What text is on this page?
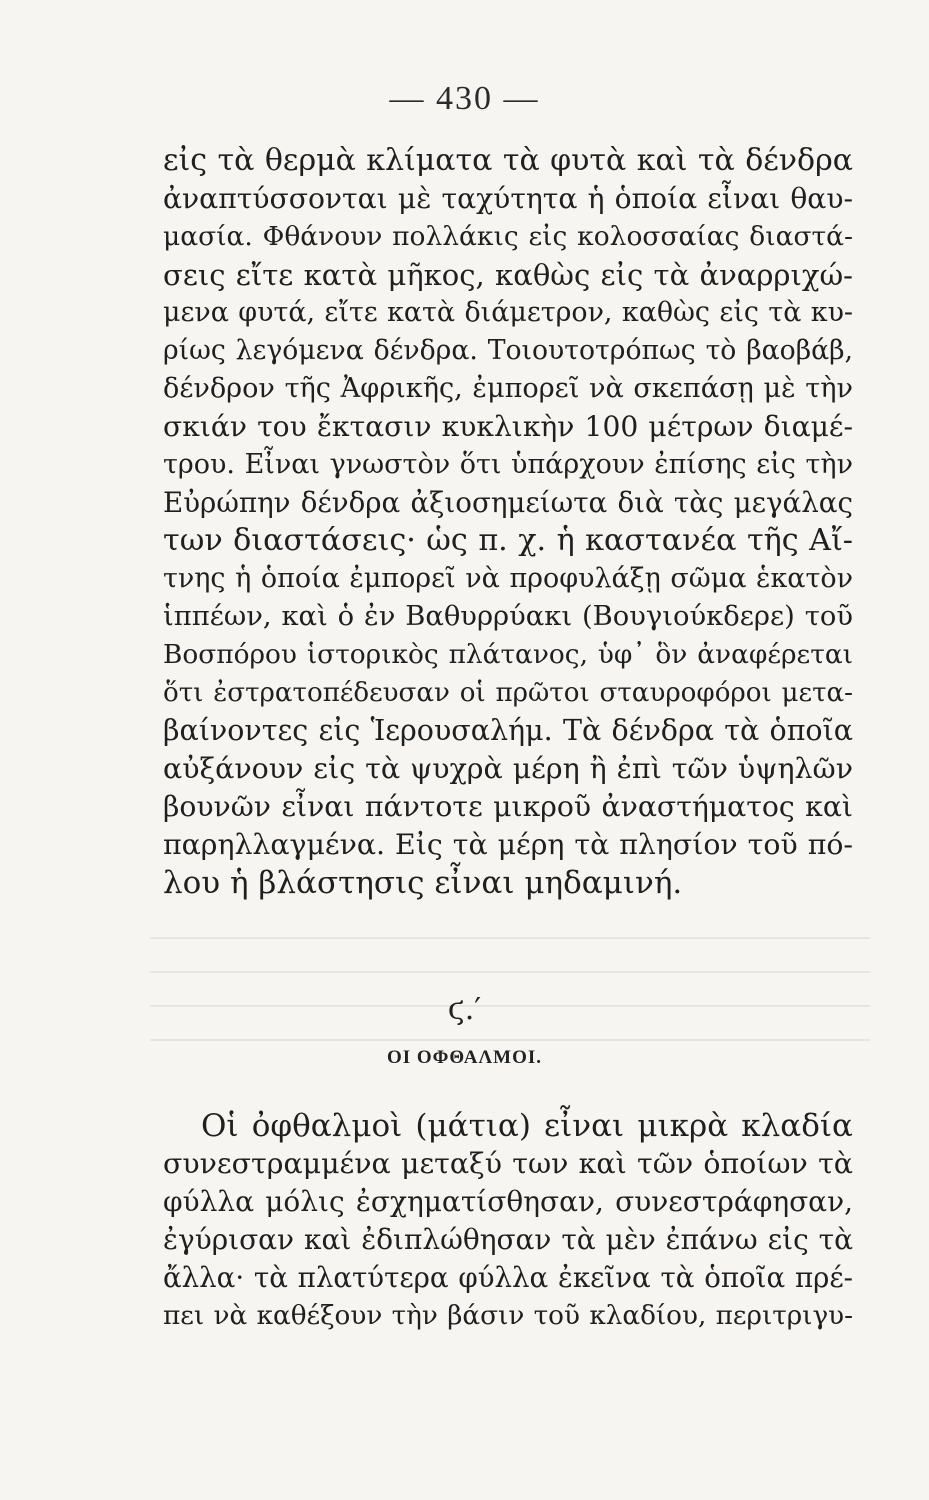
— 430 —
εἰς τὰ θερμὰ κλίματα τὰ φυτὰ καὶ τὰ δένδρα
ἀναπτύσσονται μὲ ταχύτητα ἡ ὁποία εἶναι θαυ-
μασία. Φθάνουν πολλάκις εἰς κολοσσαίας διαστά-
σεις εἴτε κατὰ μῆκος, καθὼς εἰς τὰ ἀναρριχώ-
μενα φυτά, εἴτε κατὰ διάμετρον, καθὼς εἰς τὰ κυ-
ρίως λεγόμενα δένδρα. Τοιουτοτρόπως τὸ βαοβάβ,
δένδρον τῆς Ἀφρικῆς, ἐμπορεῖ νὰ σκεπάσῃ μὲ τὴν
σκιάν του ἔκτασιν κυκλικὴν 100 μέτρων διαμέ-
τρου. Εἶναι γνωστὸν ὅτι ὑπάρχουν ἐπίσης εἰς τὴν
Εὐρώπην δένδρα ἀξιοσημείωτα διὰ τὰς μεγάλας
των διαστάσεις· ὡς π. χ. ἡ καστανέα τῆς Αἴ-
τνης ἡ ὁποία ἐμπορεῖ νὰ προφυλάξῃ σῶμα ἑκατὸν
ἱππέων, καὶ ὁ ἐν Βαθυρρύακι (Βουγιούκδερε) τοῦ
Βοσπόρου ἱστορικὸς πλάτανος, ὑφ᾽ ὃν ἀναφέρεται
ὅτι ἐστρατοπέδευσαν οἱ πρῶτοι σταυροφόροι μετα-
βαίνοντες εἰς Ἱερουσαλήμ. Τὰ δένδρα τὰ ὁποῖα
αὐξάνουν εἰς τὰ ψυχρὰ μέρη ἢ ἐπὶ τῶν ὑψηλῶν
βουνῶν εἶναι πάντοτε μικροῦ ἀναστήματος καὶ
παρηλλαγμένα. Εἰς τὰ μέρη τὰ πλησίον τοῦ πό-
λου ἡ βλάστησις εἶναι μηδαμινή.
ϛ.′
ΟΙ ΟΦΘΑΛΜΟΙ.
Οἱ ὀφθαλμοὶ (μάτια) εἶναι μικρὰ κλαδία
συνεστραμμένα μεταξύ των καὶ τῶν ὁποίων τὰ
φύλλα μόλις ἐσχηματίσθησαν, συνεστράφησαν,
ἐγύρισαν καὶ ἐδιπλώθησαν τὰ μὲν ἐπάνω εἰς τὰ
ἄλλα· τὰ πλατύτερα φύλλα ἐκεῖνα τὰ ὁποῖα πρέ-
πει νὰ καθέξουν τὴν βάσιν τοῦ κλαδίου, περιτριγυ-
